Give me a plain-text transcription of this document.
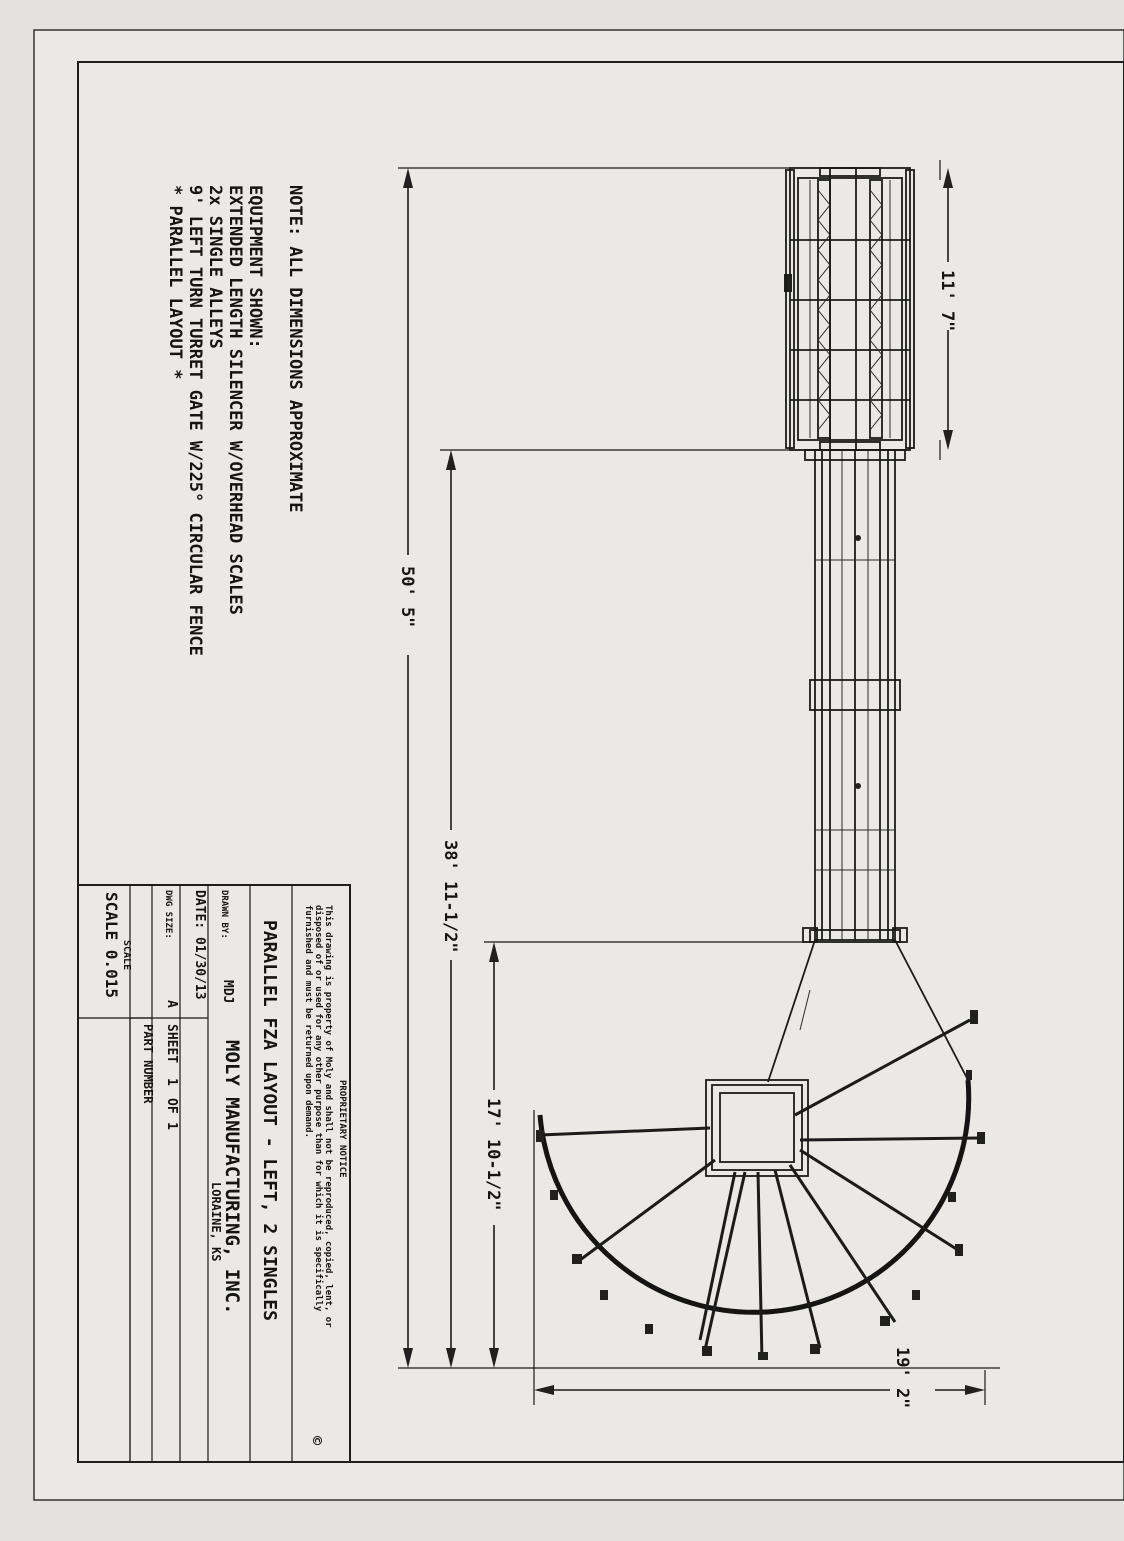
NOTE: ALL DIMENSIONS APPROXIMATE
EQUIPMENT SHOWN:
EXTENDED LENGTH SILENCER W/OVERHEAD SCALES
2x SINGLE ALLEYS
9' LEFT TURN TURRET GATE W/225° CIRCULAR FENCE
* PARALLEL LAYOUT *
50' 5"
38' 11-1/2"
17' 10-1/2"
11' 7"
19' 2"
PROPRIETARY NOTICE
This drawing is property of Moly and shall not be reproduced, copied, lent, or
disposed of or used for any other purpose than for which it is specifically
furnished and must be returned upon demand.
©
PARALLEL FZA LAYOUT - LEFT, 2 SINGLES
MOLY MANUFACTURING, INC.
LORAINE, KS
DRAWN BY:
MDJ
DATE: 01/30/13
DWG SIZE:
A
SHEET
1
OF
1
PART NUMBER
SCALE
SCALE 0.015
